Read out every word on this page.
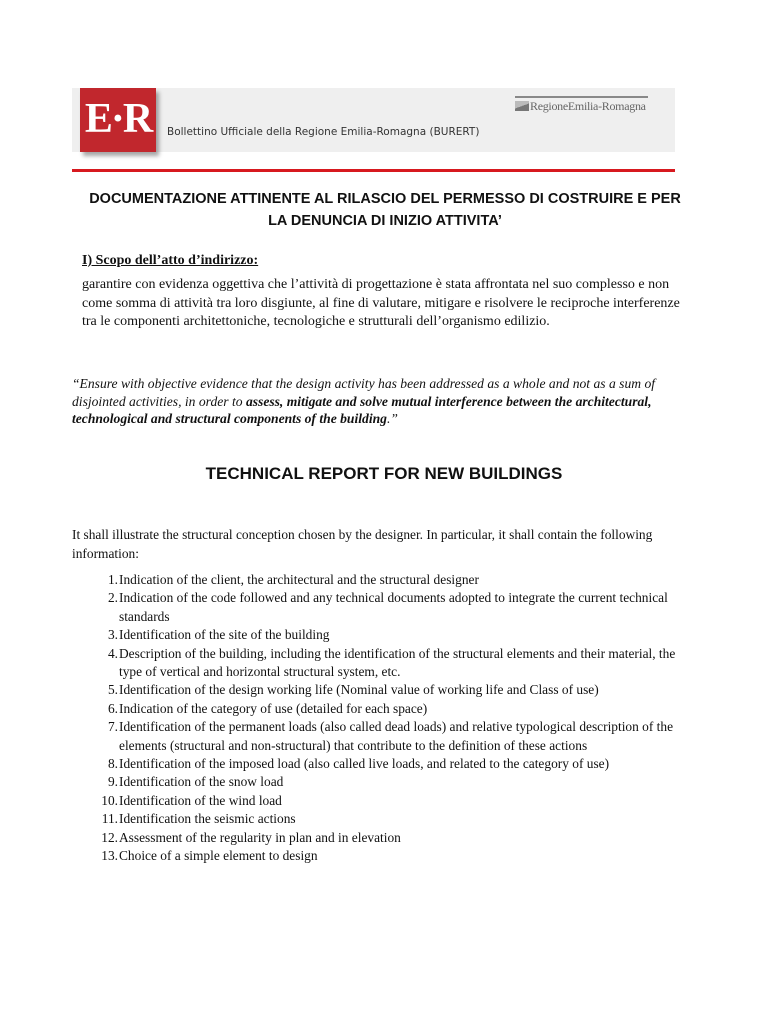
E·R	Bollettino Ufficiale della Regione Emilia-Romagna (BURERT)
RegioneEmilia-Romagna
DOCUMENTAZIONE ATTINENTE AL RILASCIO DEL PERMESSO DI COSTRUIRE E PER
LA DENUNCIA DI INIZIO ATTIVITA’
I) Scopo dell’atto d’indirizzo:
garantire con evidenza oggettiva che l’attività di progettazione è stata affrontata nel suo complesso e non come somma di attività tra loro disgiunte, al fine di valutare, mitigare e risolvere le reciproche interferenze tra le componenti architettoniche, tecnologiche e strutturali dell’organismo edilizio.
“Ensure with objective evidence that the design activity has been addressed as a whole and not as a sum of disjointed activities, in order to assess, mitigate and solve mutual interference between the architectural, technological and structural components of the building.”
TECHNICAL REPORT FOR NEW BUILDINGS
It shall illustrate the structural conception chosen by the designer. In particular, it shall contain the following information:
1. Indication of the client, the architectural and the structural designer
2. Indication of the code followed and any technical documents adopted to integrate the current technical standards
3. Identification of the site of the building
4. Description of the building, including the identification of the structural elements and their material, the type of vertical and horizontal structural system, etc.
5. Identification of the design working life (Nominal value of working life and Class of use)
6. Indication of the category of use (detailed for each space)
7. Identification of the permanent loads (also called dead loads) and relative typological description of the elements (structural and non-structural) that contribute to the definition of these actions
8. Identification of the imposed load (also called live loads, and related to the category of use)
9. Identification of the snow load
10. Identification of the wind load
11. Identification the seismic actions
12. Assessment of the regularity in plan and in elevation
13. Choice of a simple element to design
